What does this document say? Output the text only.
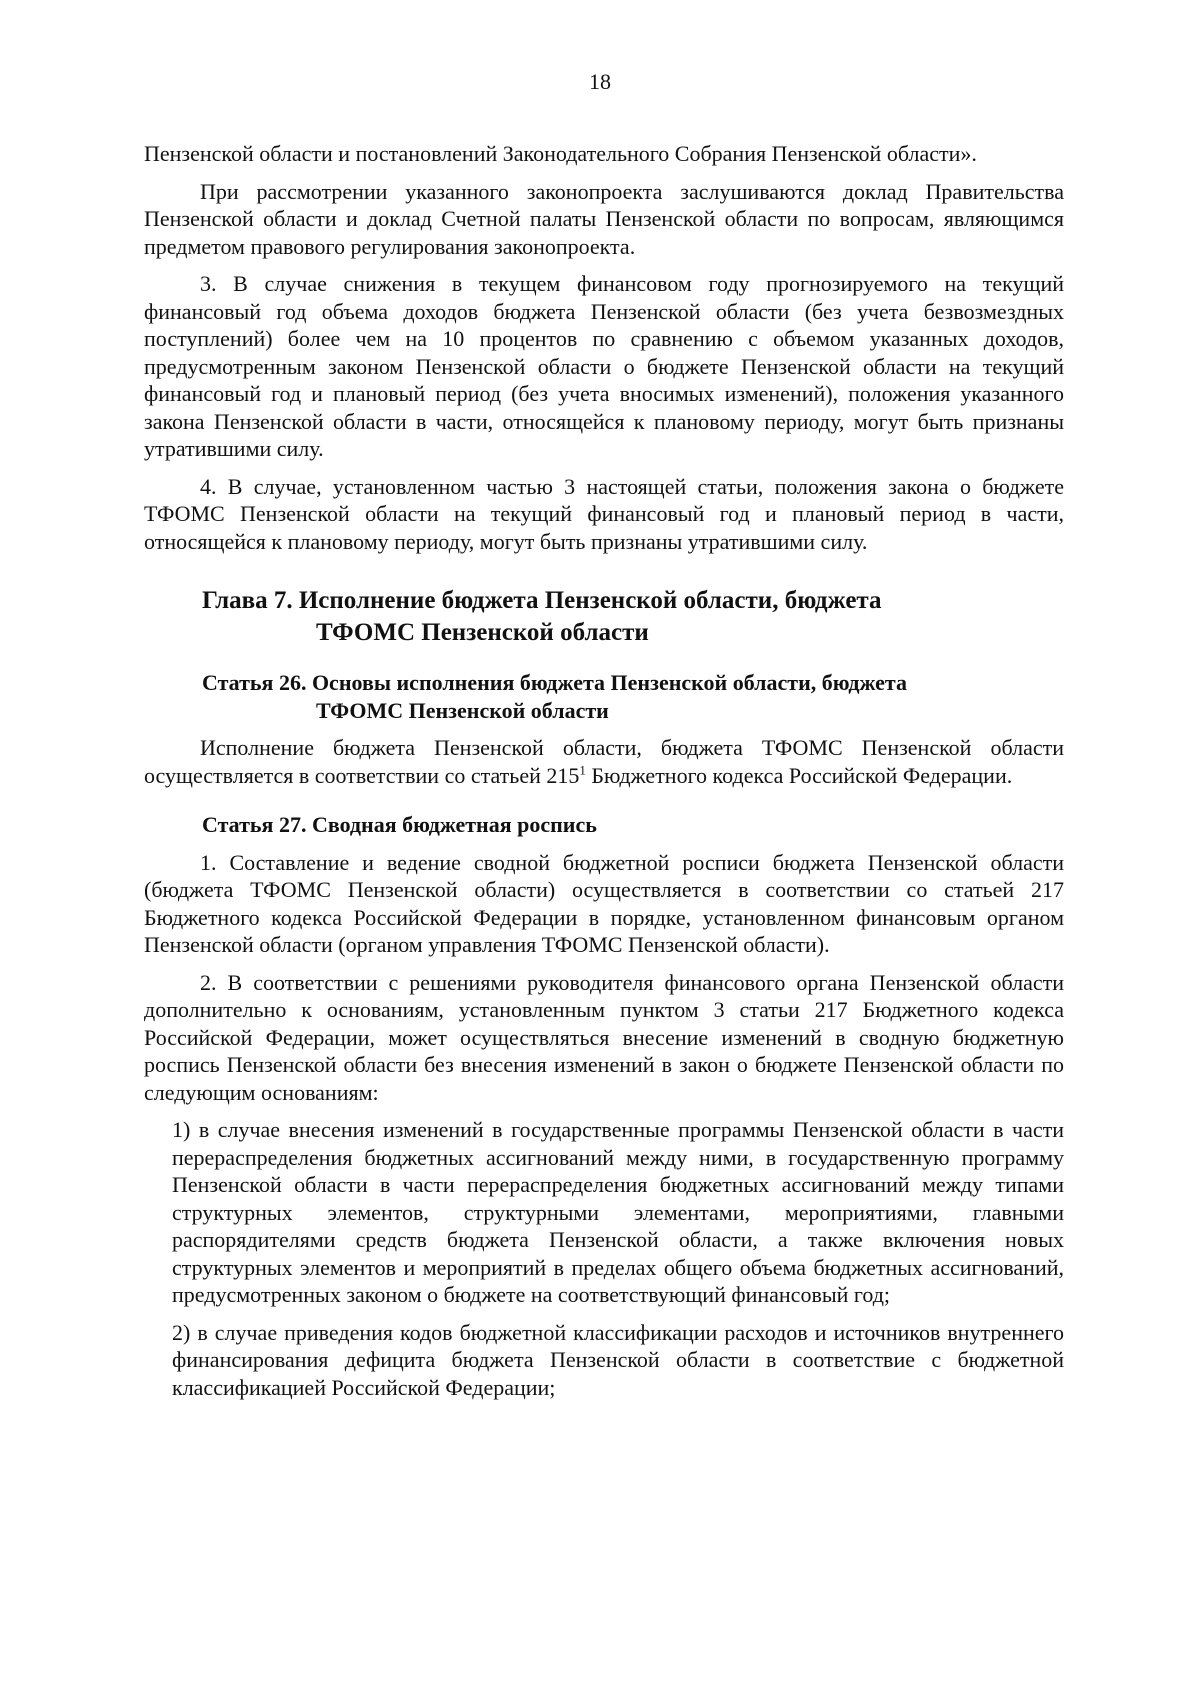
18

Пензенской области и постановлений Законодательного Собрания Пензенской области».

При рассмотрении указанного законопроекта заслушиваются доклад Правительства Пензенской области и доклад Счетной палаты Пензенской области по вопросам, являющимся предметом правового регулирования законопроекта.

3. В случае снижения в текущем финансовом году прогнозируемого на текущий финансовый год объема доходов бюджета Пензенской области (без учета безвозмездных поступлений) более чем на 10 процентов по сравнению с объемом указанных доходов, предусмотренным законом Пензенской области о бюджете Пензенской области на текущий финансовый год и плановый период (без учета вносимых изменений), положения указанного закона Пензенской области в части, относящейся к плановому периоду, могут быть признаны утратившими силу.

4. В случае, установленном частью 3 настоящей статьи, положения закона о бюджете ТФОМС Пензенской области на текущий финансовый год и плановый период в части, относящейся к плановому периоду, могут быть признаны утратившими силу.

Глава 7. Исполнение бюджета Пензенской области, бюджета
ТФОМС Пензенской области
Статья 26. Основы исполнения бюджета Пензенской области, бюджета
ТФОМС Пензенской области

Исполнение бюджета Пензенской области, бюджета ТФОМС Пензенской области осуществляется в соответствии со статьей $215^1$ Бюджетного кодекса Российской Федерации.

Статья 27. Сводная бюджетная роспись

1. Составление и ведение сводной бюджетной росписи бюджета Пензенской области (бюджета ТФОМС Пензенской области) осуществляется в соответствии со статьей 217 Бюджетного кодекса Российской Федерации в порядке, установленном финансовым органом Пензенской области (органом управления ТФОМС Пензенской области).

2. В соответствии с решениями руководителя финансового органа Пензенской области дополнительно к основаниям, установленным пунктом 3 статьи 217 Бюджетного кодекса Российской Федерации, может осуществляться внесение изменений в сводную бюджетную роспись Пензенской области без внесения изменений в закон о бюджете Пензенской области по следующим основаниям:

1) в случае внесения изменений в государственные программы Пензенской области в части перераспределения бюджетных ассигнований между ними, в государственную программу Пензенской области в части перераспределения бюджетных ассигнований между типами структурных элементов, структурными элементами, мероприятиями, главными распорядителями средств бюджета Пензенской области, а также включения новых структурных элементов и мероприятий в пределах общего объема бюджетных ассигнований, предусмотренных законом о бюджете на соответствующий финансовый год;

2) в случае приведения кодов бюджетной классификации расходов и источников внутреннего финансирования дефицита бюджета Пензенской области в соответствие с бюджетной классификацией Российской Федерации;
